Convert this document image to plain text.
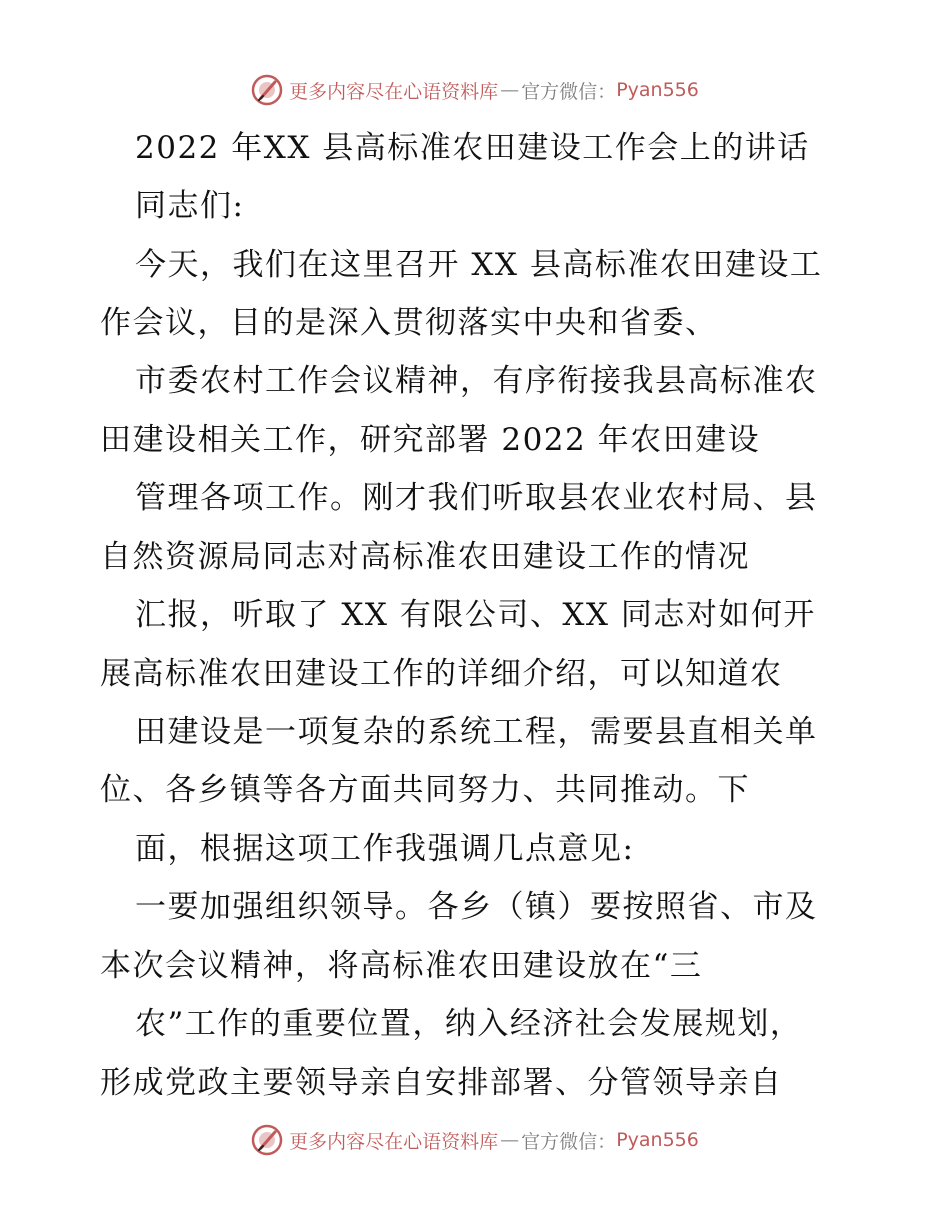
更多内容尽在心语资料库 — 官方微信： Pyan556
2022 年XX 县高标准农田建设工作会上的讲话
同志们:
今天，我们在这里召开 XX 县高标准农田建设工
作会议，目的是深入贯彻落实中央和省委、
市委农村工作会议精神，有序衔接我县高标准农
田建设相关工作，研究部署 2022 年农田建设
管理各项工作。刚才我们听取县农业农村局、县
自然资源局同志对高标准农田建设工作的情况
汇报，听取了 XX 有限公司、XX 同志对如何开
展高标准农田建设工作的详细介绍，可以知道农
田建设是一项复杂的系统工程，需要县直相关单
位、各乡镇等各方面共同努力、共同推动。下
面，根据这项工作我强调几点意见:
一要加强组织领导。各乡（镇）要按照省、市及
本次会议精神，将高标准农田建设放在“三
农”工作的重要位置，纳入经济社会发展规划，
形成党政主要领导亲自安排部署、分管领导亲自
更多内容尽在心语资料库 — 官方微信： Pyan556
